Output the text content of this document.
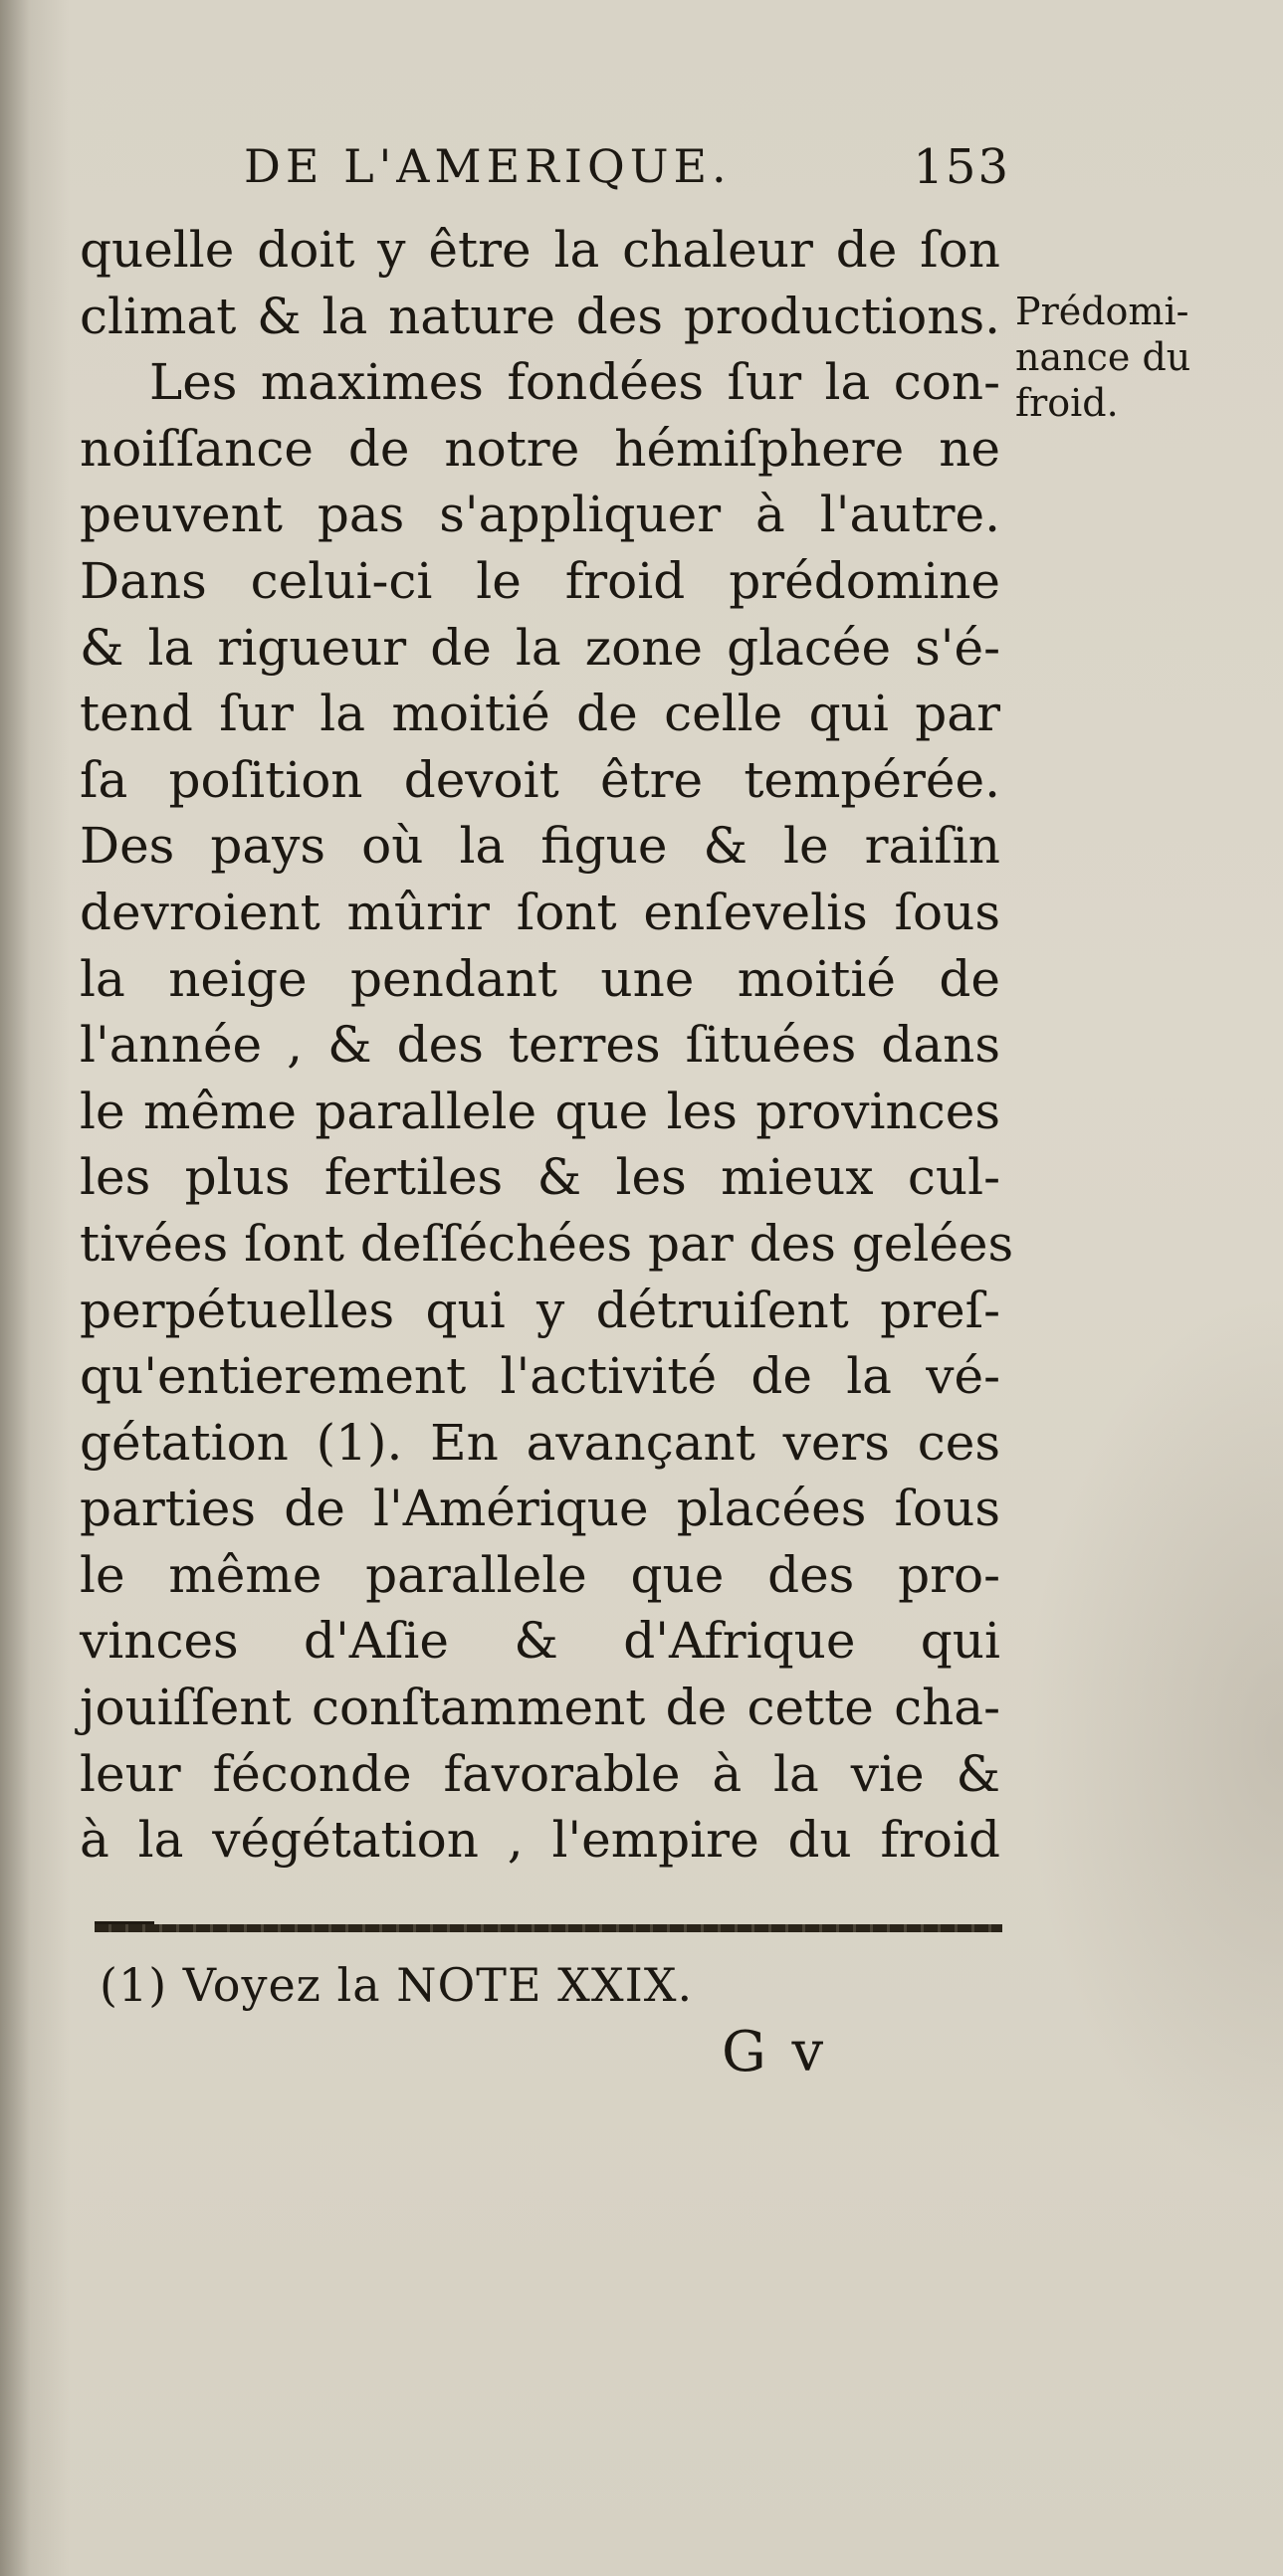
DE L'AMERIQUE.	153
quelle doit y être la chaleur de ſon
climat & la nature des productions.
Les maximes fondées ſur la con-
noiſſance de notre hémiſphere ne
peuvent pas s'appliquer à l'autre.
Dans celui-ci le froid prédomine
& la rigueur de la zone glacée s'é-
tend ſur la moitié de celle qui par
ſa poſition devoit être tempérée.
Des pays où la figue & le raiſin
devroient mûrir ſont enſevelis ſous
la neige pendant une moitié de
l'année , & des terres ſituées dans
le même parallele que les provinces
les plus fertiles & les mieux cul-
tivées ſont deſſéchées par des gelées
perpétuelles qui y détruiſent preſ-
qu'entierement l'activité de la vé-
gétation (1). En avançant vers ces
parties de l'Amérique placées ſous
le même parallele que des pro-
vinces d'Aſie & d'Afrique qui
jouiſſent conſtamment de cette cha-
leur féconde favorable à la vie &
à la végétation , l'empire du froid
Prédomi-
nance du
froid.
(1) Voyez la NOTE XXIX.
G v
